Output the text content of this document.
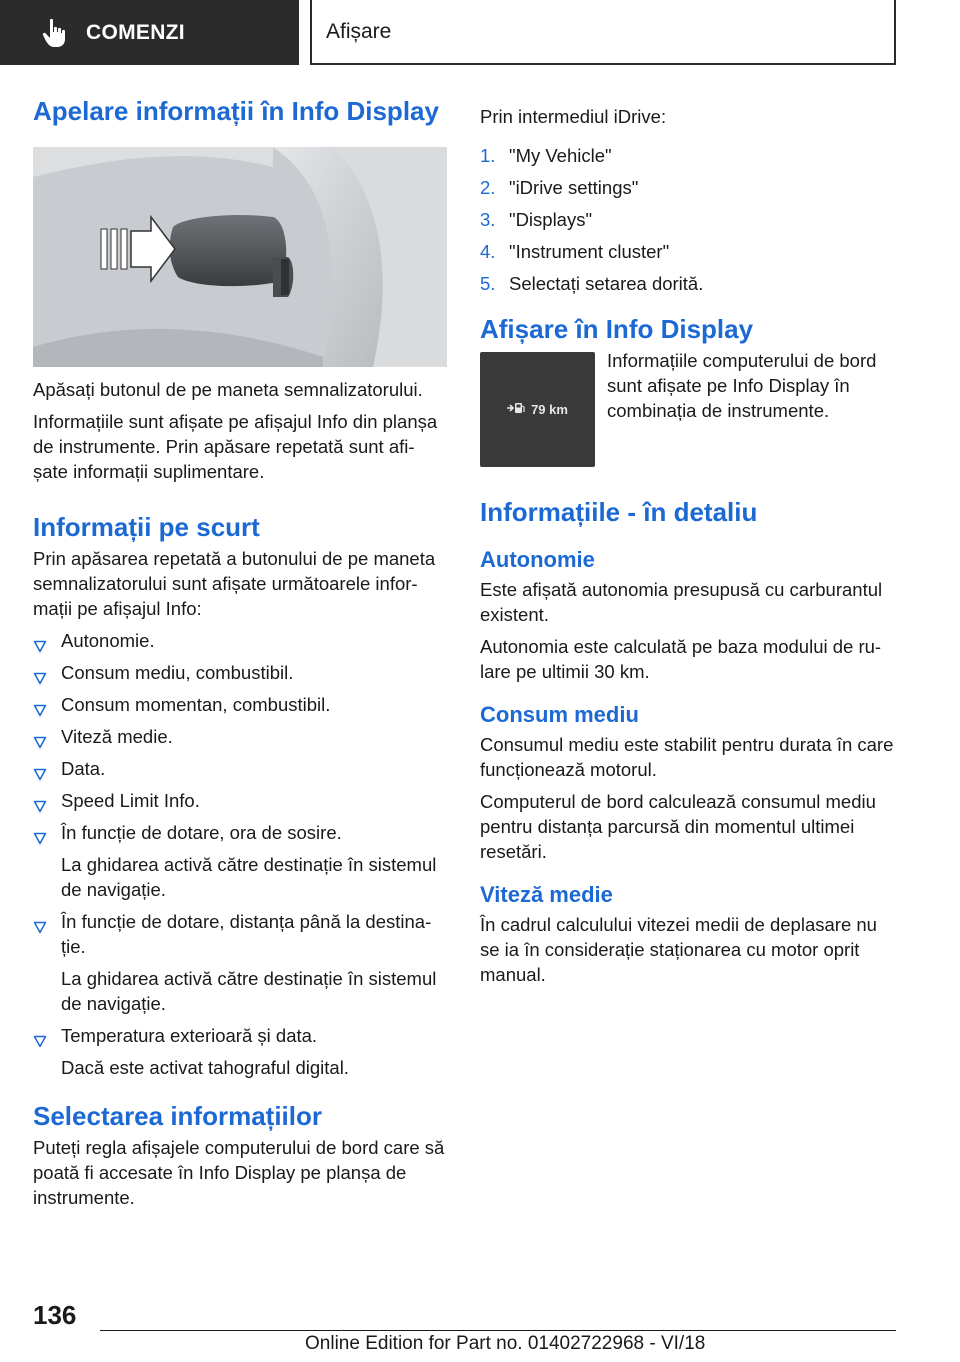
COMENZI	Afișare
Apelare informații în Info Display

Apăsați butonul de pe maneta semnalizatorului.

Informațiile sunt afișate pe afișajul Info din planșa de instrumente. Prin apăsare repetată sunt afi- șate informații suplimentare.

Informații pe scurt

Prin apăsarea repetată a butonului de pe maneta semnalizatorului sunt afișate următoarele infor- mații pe afișajul Info:

Autonomie.
Consum mediu, combustibil.
Consum momentan, combustibil.
Viteză medie.
Data.
Speed Limit Info.
În funcție de dotare, ora de sosire.
La ghidarea activă către destinație în sistemul de navigație.
În funcție de dotare, distanța până la destina- ție.
La ghidarea activă către destinație în sistemul de navigație.
Temperatura exterioară și data.
Dacă este activat tahograful digital.
Selectarea informațiilor

Puteți regla afișajele computerului de bord care să poată fi accesate în Info Display pe planșa de instrumente.

Prin intermediul iDrive:

1. "My Vehicle"
2. "iDrive settings"
3. "Displays"
4. "Instrument cluster"
5. Selectați setarea dorită.
Afișare în Info Display
79 km

Informațiile computerului de bord sunt afișate pe Info Display în combinația de instrumente.

Informațiile - în detaliu
Autonomie

Este afișată autonomia presupusă cu carburantul existent.

Autonomia este calculată pe baza modului de ru- lare pe ultimii 30 km.

Consum mediu

Consumul mediu este stabilit pentru durata în care funcționează motorul.

Computerul de bord calculează consumul mediu pentru distanța parcursă din momentul ultimei resetări.

Viteză medie

În cadrul calculului vitezei medii de deplasare nu se ia în considerație staționarea cu motor oprit manual.

136
Online Edition for Part no. 01402722968 - VI/18
